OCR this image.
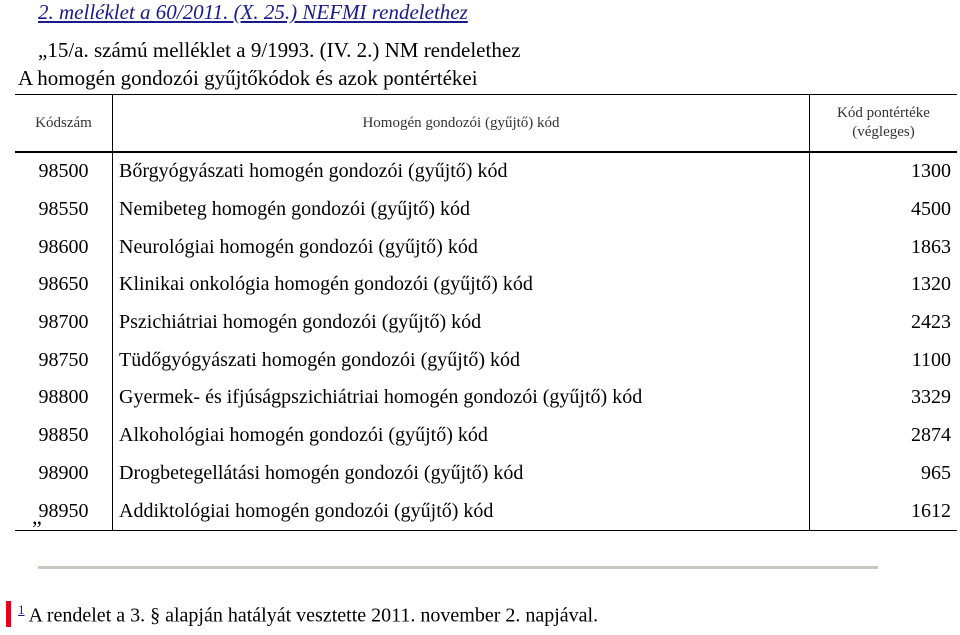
2. melléklet a 60/2011. (X. 25.) NEFMI rendelethez
„15/a. számú melléklet a 9/1993. (IV. 2.) NM rendelethez
A homogén gondozói gyűjtőkódok és azok pontértékei
Kódszám	Homogén gondozói (gyűjtő) kód	Kód pontértéke
(végleges)
98500	Bőrgyógyászati homogén gondozói (gyűjtő) kód	1300
98550	Nemibeteg homogén gondozói (gyűjtő) kód	4500
98600	Neurológiai homogén gondozói (gyűjtő) kód	1863
98650	Klinikai onkológia homogén gondozói (gyűjtő) kód	1320
98700	Pszichiátriai homogén gondozói (gyűjtő) kód	2423
98750	Tüdőgyógyászati homogén gondozói (gyűjtő) kód	1100
98800	Gyermek- és ifjúságpszichiátriai homogén gondozói (gyűjtő) kód	3329
98850	Alkohológiai homogén gondozói (gyűjtő) kód	2874
98900	Drogbetegellátási homogén gondozói (gyűjtő) kód	965
98950	Addiktológiai homogén gondozói (gyűjtő) kód	1612
”
$^1$ A rendelet a 3. § alapján hatályát vesztette 2011. november 2. napjával.
